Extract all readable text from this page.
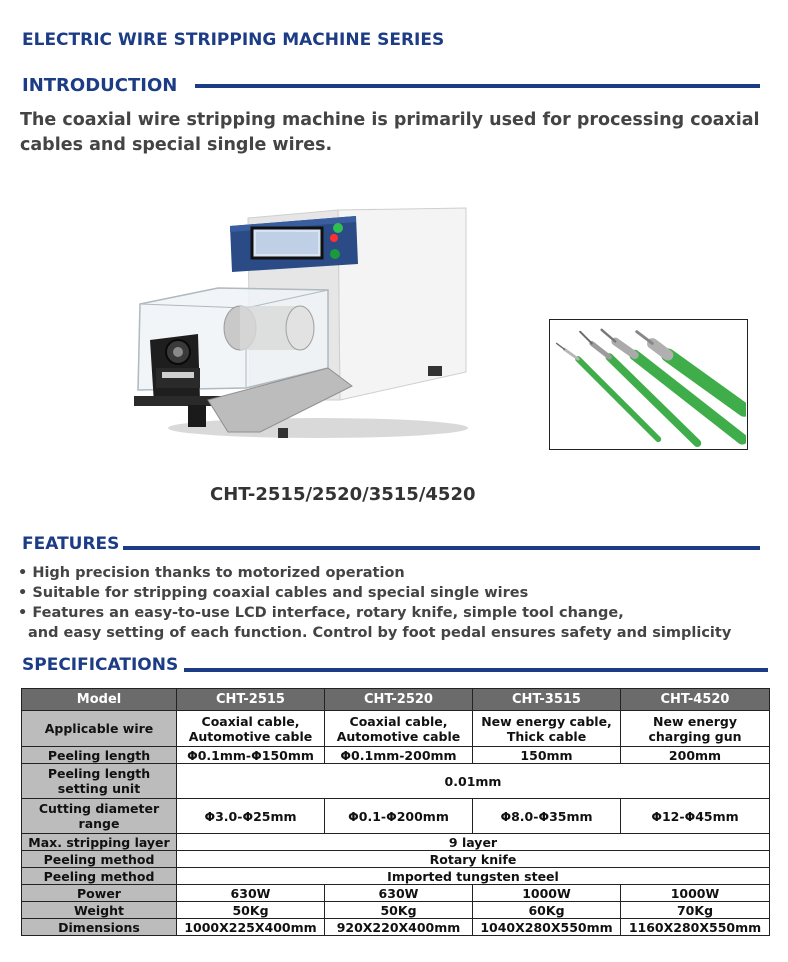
ELECTRIC WIRE STRIPPING MACHINE SERIES
INTRODUCTION

The coaxial wire stripping machine is primarily used for processing coaxial cables and special single wires.

CHT-2515/2520/3515/4520
FEATURES
• High precision thanks to motorized operation
• Suitable for stripping coaxial cables and special single wires
• Features an easy-to-use LCD interface, rotary knife, simple tool change,
and easy setting of each function. Control by foot pedal ensures safety and simplicity
SPECIFICATIONS
Model	CHT-2515	CHT-2520	CHT-3515	CHT-4520
Applicable wire	Coaxial cable, Automotive cable	Coaxial cable, Automotive cable	New energy cable, Thick cable	New energy charging gun
Peeling length	Φ0.1mm-Φ150mm	Φ0.1mm-200mm	150mm	200mm
Peeling length setting unit	0.01mm			
Cutting diameter range	Φ3.0-Φ25mm	Φ0.1-Φ200mm	Φ8.0-Φ35mm	Φ12-Φ45mm
Max. stripping layer	9 layer			
Peeling method	Rotary knife			
Peeling method	Imported tungsten steel			
Power	630W	630W	1000W	1000W
Weight	50Kg	50Kg	60Kg	70Kg
Dimensions	1000X225X400mm	920X220X400mm	1040X280X550mm	1160X280X550mm
